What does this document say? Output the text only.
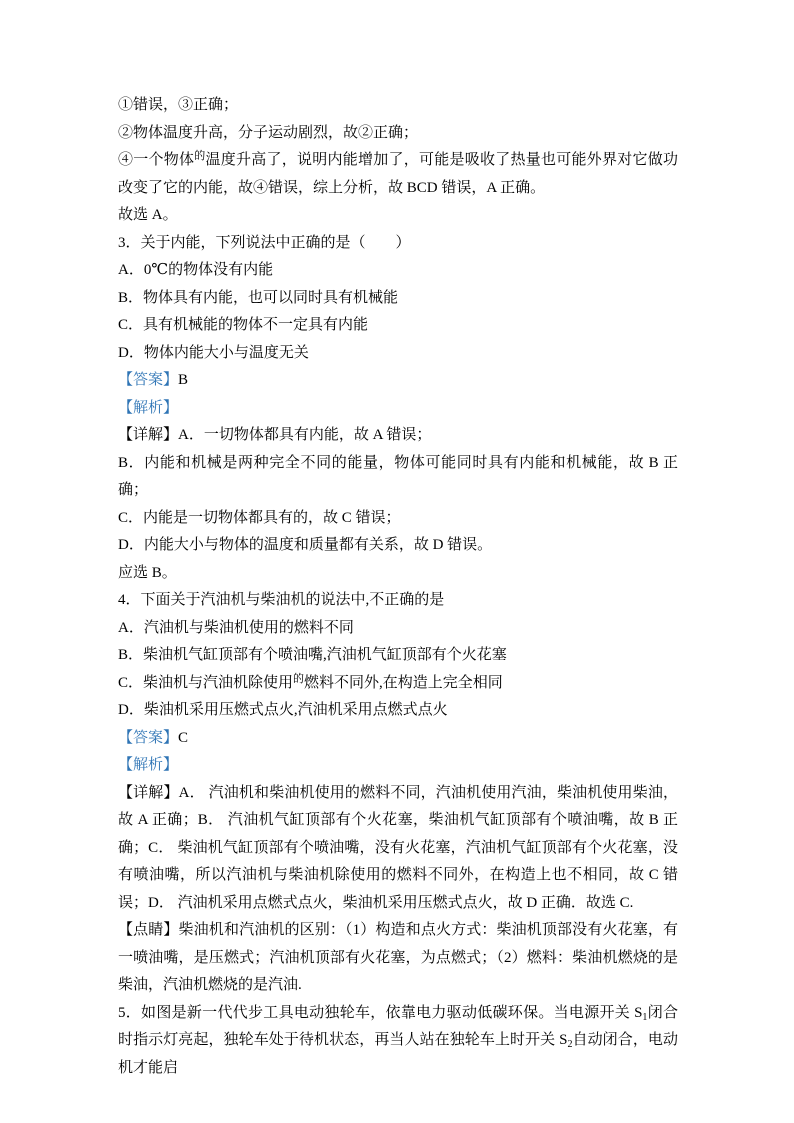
①错误，③正确；

②物体温度升高，分子运动剧烈，故②正确；

④一个物体$^的$温度升高了，说明内能增加了，可能是吸收了热量也可能外界对它做功改变了它的内能，故④错误，综上分析，故 BCD 错误，A 正确。

故选 A。

3．关于内能，下列说法中正确的是（　　）

A．0℃的物体没有内能

B．物体具有内能，也可以同时具有机械能

C．具有机械能的物体不一定具有内能

D．物体内能大小与温度无关

【答案】B

【解析】

【详解】A．一切物体都具有内能，故 A 错误；

B．内能和机械是两种完全不同的能量，物体可能同时具有内能和机械能，故 B 正确；

C．内能是一切物体都具有的，故 C 错误；

D．内能大小与物体的温度和质量都有关系，故 D 错误。

应选 B。

4．下面关于汽油机与柴油机的说法中,不正确的是

A．汽油机与柴油机使用的燃料不同

B．柴油机气缸顶部有个喷油嘴,汽油机气缸顶部有个火花塞

C．柴油机与汽油机除使用$^的$燃料不同外,在构造上完全相同

D．柴油机采用压燃式点火,汽油机采用点燃式点火

【答案】C

【解析】

【详解】A． 汽油机和柴油机使用的燃料不同，汽油机使用汽油，柴油机使用柴油，故 A 正确；B． 汽油机气缸顶部有个火花塞，柴油机气缸顶部有个喷油嘴，故 B 正确；C． 柴油机气缸顶部有个喷油嘴，没有火花塞，汽油机气缸顶部有个火花塞，没有喷油嘴，所以汽油机与柴油机除使用的燃料不同外，在构造上也不相同，故 C 错误；D． 汽油机采用点燃式点火，柴油机采用压燃式点火，故 D 正确．故选 C.

【点睛】柴油机和汽油机的区别：（1）构造和点火方式：柴油机顶部没有火花塞，有一喷油嘴，是压燃式；汽油机顶部有火花塞，为点燃式；（2）燃料：柴油机燃烧的是柴油，汽油机燃烧的是汽油.

5．如图是新一代代步工具电动独轮车，依靠电力驱动低碳环保。当电源开关 $S_1$闭合时指示灯亮起，独轮车处于待机状态，再当人站在独轮车上时开关 $S_2$自动闭合，电动机才能启
